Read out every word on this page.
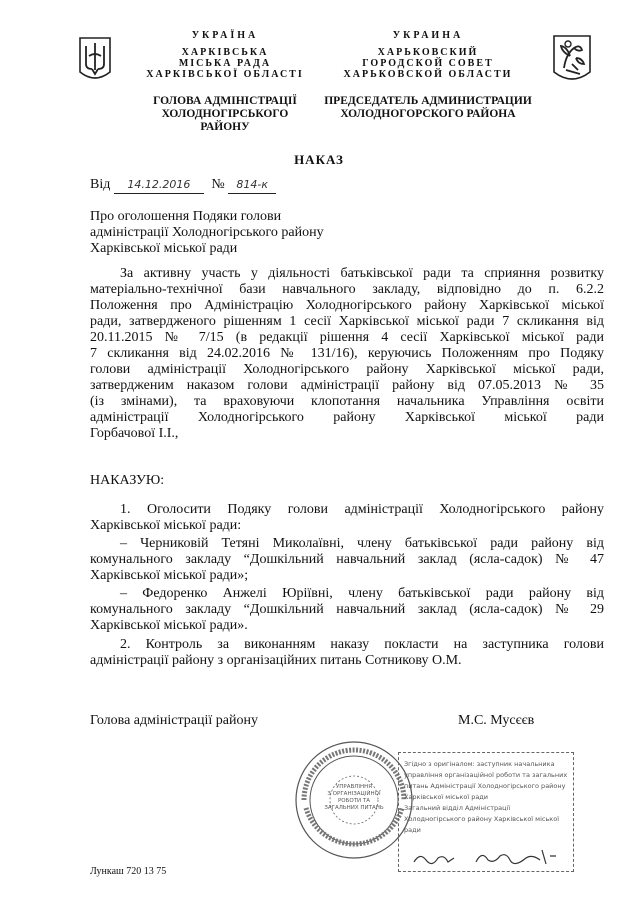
УКРАЇНА
ХАРКІВСЬКА
МІСЬКА РАДА
ХАРКІВСЬКОЇ ОБЛАСТІ
ГОЛОВА АДМІНІСТРАЦІЇ
ХОЛОДНОГІРСЬКОГО РАЙОНУ
УКРАИНА
ХАРЬКОВСКИЙ
ГОРОДСКОЙ СОВЕТ
ХАРЬКОВСКОЙ ОБЛАСТИ
ПРЕДСЕДАТЕЛЬ АДМИНИСТРАЦИИ
ХОЛОДНОГОРСКОГО РАЙОНА
НАКАЗ
Від 14.12.2016 № 814-к
Про оголошення Подяки голови
адміністрації Холодногірського району
Харківської міської ради
За активну участь у діяльності батьківської ради та сприяння розвитку
матеріально-технічної бази навчального закладу, відповідно до п. 6.2.2
Положення про Адміністрацію Холодногірського району Харківської міської
ради, затвердженого рішенням 1 сесії Харківської міської ради 7 скликання від
20.11.2015 № 7/15 (в редакції рішення 4 сесії Харківської міської ради
7 скликання від 24.02.2016 № 131/16), керуючись Положенням про Подяку
голови адміністрації Холодногірського району Харківської міської ради,
затвердженим наказом голови адміністрації району від 07.05.2013 № 35
(із змінами), та враховуючи клопотання начальника Управління освіти
адміністрації Холодногірського району Харківської міської ради
Горбачової І.І.,
НАКАЗУЮ:
1. Оголосити Подяку голови адміністрації Холодногірського району
Харківської міської ради:
– Черниковій Тетяні Миколаївні, члену батьківської ради району від
комунального закладу “Дошкільний навчальний заклад (ясла-садок) № 47
Харківської міської ради»;
– Федоренко Анжелі Юріївні, члену батьківської ради району від
комунального закладу “Дошкільний навчальний заклад (ясла-садок) № 29
Харківської міської ради».
2. Контроль за виконанням наказу покласти на заступника голови
адміністрації району з організаційних питань Сотникову О.М.
Голова адміністрації району	М.С. Мусєєв
УПРАВЛІННЯ
З ОРГАНІЗАЦІЙНОЇ
РОБОТИ ТА
ЗАГАЛЬНИХ ПИТАНЬ
Згідно з оригіналом: заступник начальника
управління організаційної роботи та загальних
питань Адміністрації Холодногірського району
Харківської міської ради
Загальний відділ Адміністрації
Холодногірського району Харківської міської ради
Лункаш 720 13 75
